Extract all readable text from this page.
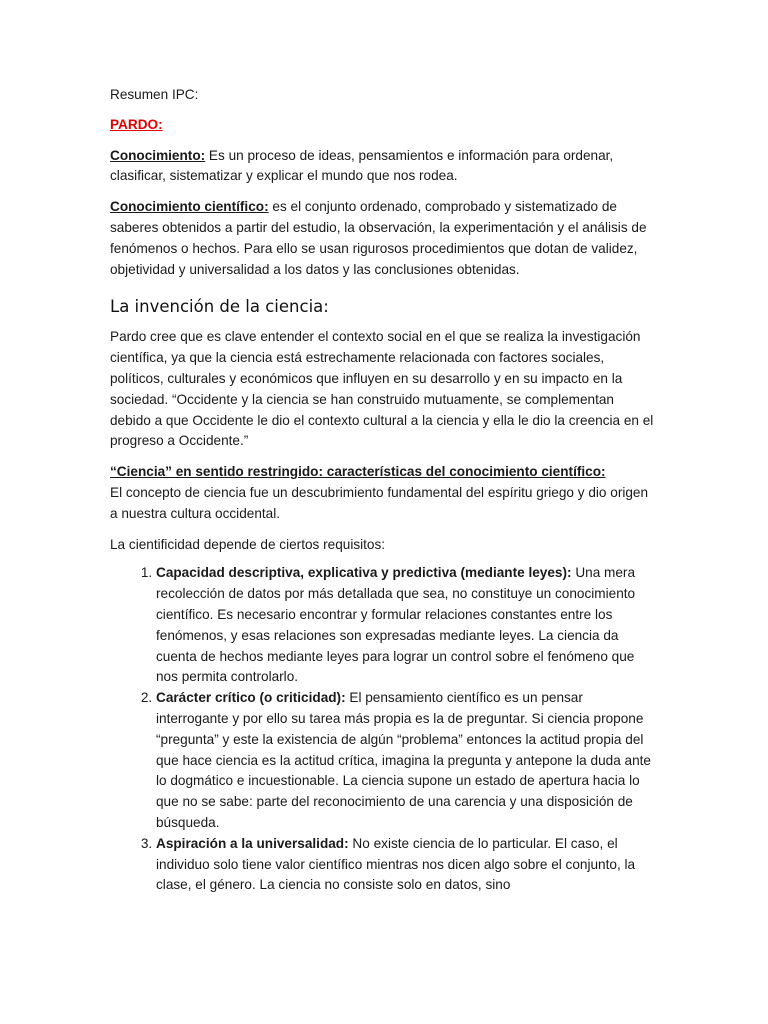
Resumen IPC:

PARDO:

Conocimiento: Es un proceso de ideas, pensamientos e información para ordenar, clasificar, sistematizar y explicar el mundo que nos rodea.

Conocimiento científico: es el conjunto ordenado, comprobado y sistematizado de saberes obtenidos a partir del estudio, la observación, la experimentación y el análisis de fenómenos o hechos. Para ello se usan rigurosos procedimientos que dotan de validez, objetividad y universalidad a los datos y las conclusiones obtenidas.

La invención de la ciencia:

Pardo cree que es clave entender el contexto social en el que se realiza la investigación científica, ya que la ciencia está estrechamente relacionada con factores sociales, políticos, culturales y económicos que influyen en su desarrollo y en su impacto en la sociedad. “Occidente y la ciencia se han construido mutuamente, se complementan debido a que Occidente le dio el contexto cultural a la ciencia y ella le dio la creencia en el progreso a Occidente.”

“Ciencia” en sentido restringido: características del conocimiento científico:
El concepto de ciencia fue un descubrimiento fundamental del espíritu griego y dio origen a nuestra cultura occidental.

La cientificidad depende de ciertos requisitos:

1. Capacidad descriptiva, explicativa y predictiva (mediante leyes): Una mera recolección de datos por más detallada que sea, no constituye un conocimiento científico. Es necesario encontrar y formular relaciones constantes entre los fenómenos, y esas relaciones son expresadas mediante leyes. La ciencia da cuenta de hechos mediante leyes para lograr un control sobre el fenómeno que nos permita controlarlo.
2. Carácter crítico (o criticidad): El pensamiento científico es un pensar interrogante y por ello su tarea más propia es la de preguntar. Si ciencia propone “pregunta” y este la existencia de algún “problema” entonces la actitud propia del que hace ciencia es la actitud crítica, imagina la pregunta y antepone la duda ante lo dogmático e incuestionable. La ciencia supone un estado de apertura hacia lo que no se sabe: parte del reconocimiento de una carencia y una disposición de búsqueda.
3. Aspiración a la universalidad: No existe ciencia de lo particular. El caso, el individuo solo tiene valor científico mientras nos dicen algo sobre el conjunto, la clase, el género. La ciencia no consiste solo en datos, sino
